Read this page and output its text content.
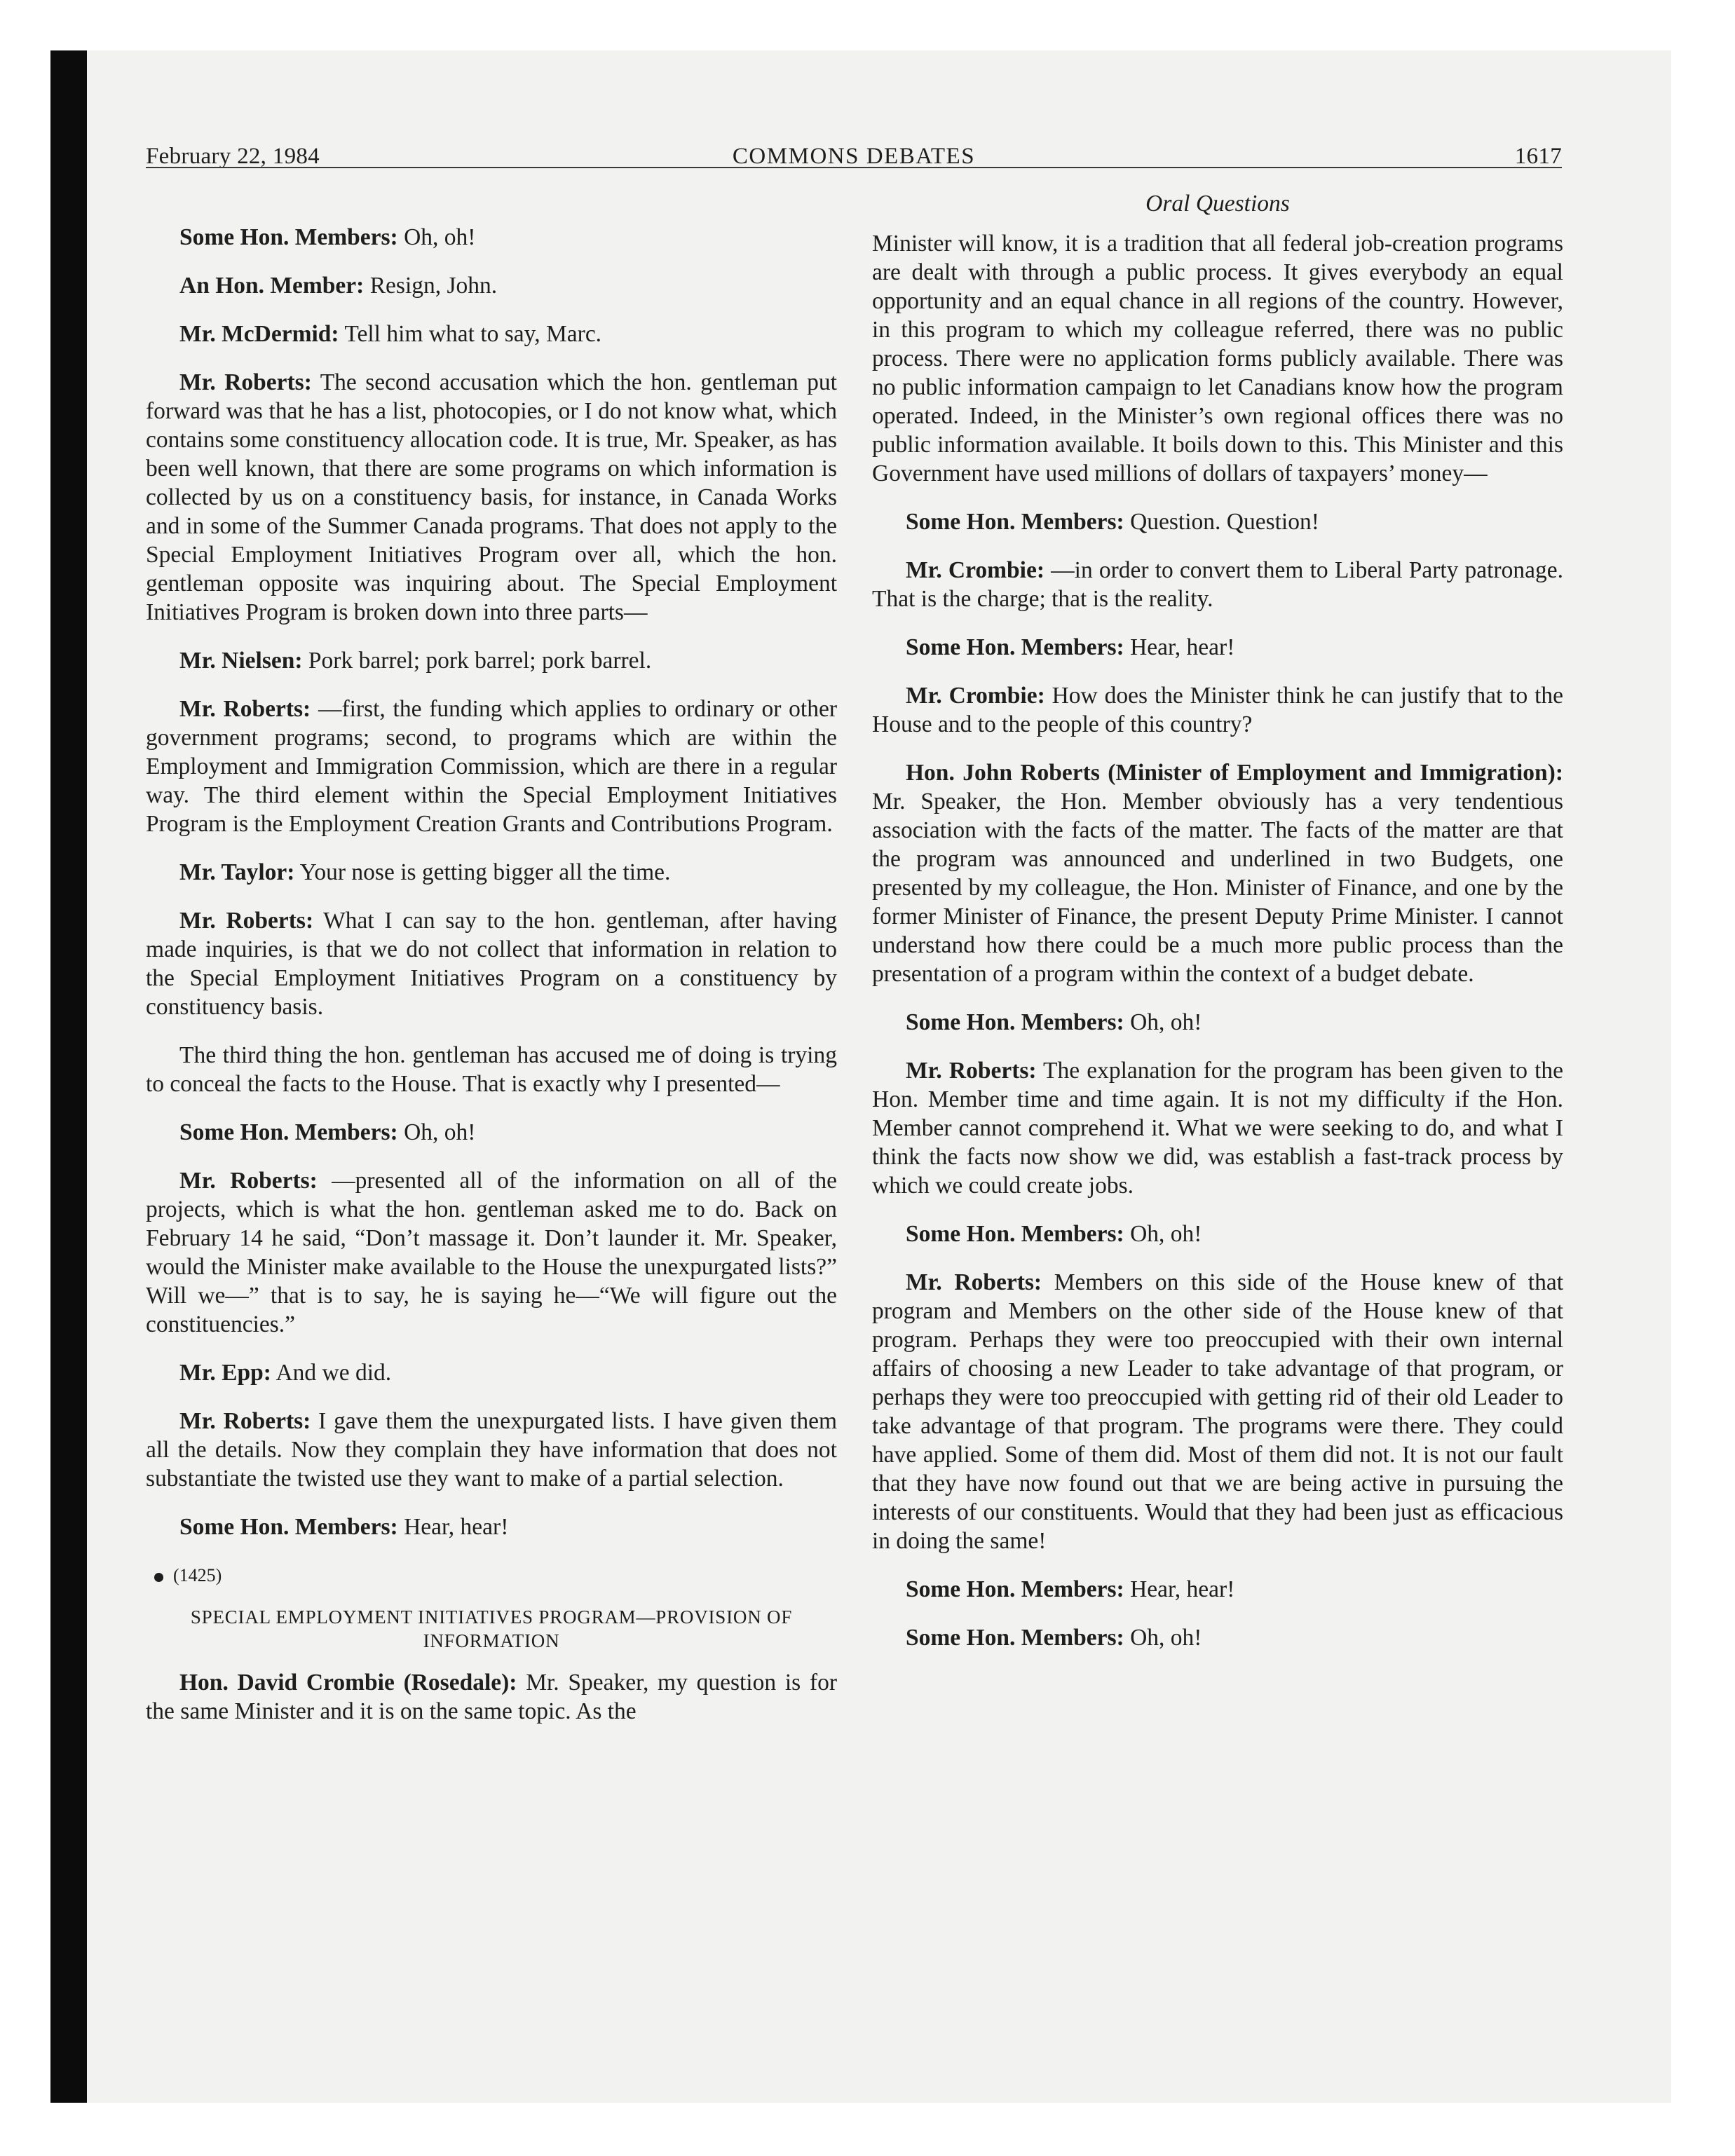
February 22, 1984	COMMONS DEBATES	1617

Some Hon. Members: Oh, oh!

An Hon. Member: Resign, John.

Mr. McDermid: Tell him what to say, Marc.

Mr. Roberts: The second accusation which the hon. gentleman put forward was that he has a list, photocopies, or I do not know what, which contains some constituency allocation code. It is true, Mr. Speaker, as has been well known, that there are some programs on which information is collected by us on a constituency basis, for instance, in Canada Works and in some of the Summer Canada programs. That does not apply to the Special Employment Initiatives Program over all, which the hon. gentleman opposite was inquiring about. The Special Employment Initiatives Program is broken down into three parts—

Mr. Nielsen: Pork barrel; pork barrel; pork barrel.

Mr. Roberts: —first, the funding which applies to ordinary or other government programs; second, to programs which are within the Employment and Immigration Commission, which are there in a regular way. The third element within the Special Employment Initiatives Program is the Employment Creation Grants and Contributions Program.

Mr. Taylor: Your nose is getting bigger all the time.

Mr. Roberts: What I can say to the hon. gentleman, after having made inquiries, is that we do not collect that information in relation to the Special Employment Initiatives Program on a constituency by constituency basis.

The third thing the hon. gentleman has accused me of doing is trying to conceal the facts to the House. That is exactly why I presented—

Some Hon. Members: Oh, oh!

Mr. Roberts: —presented all of the information on all of the projects, which is what the hon. gentleman asked me to do. Back on February 14 he said, “Don’t massage it. Don’t launder it. Mr. Speaker, would the Minister make available to the House the unexpurgated lists?” Will we—” that is to say, he is saying he—“We will figure out the constituencies.”

Mr. Epp: And we did.

Mr. Roberts: I gave them the unexpurgated lists. I have given them all the details. Now they complain they have information that does not substantiate the twisted use they want to make of a partial selection.

Some Hon. Members: Hear, hear!

(1425)
SPECIAL EMPLOYMENT INITIATIVES PROGRAM—PROVISION OF INFORMATION

Hon. David Crombie (Rosedale): Mr. Speaker, my question is for the same Minister and it is on the same topic. As the

Oral Questions

Minister will know, it is a tradition that all federal job-creation programs are dealt with through a public process. It gives everybody an equal opportunity and an equal chance in all regions of the country. However, in this program to which my colleague referred, there was no public process. There were no application forms publicly available. There was no public information campaign to let Canadians know how the program operated. Indeed, in the Minister’s own regional offices there was no public information available. It boils down to this. This Minister and this Government have used millions of dollars of taxpayers’ money—

Some Hon. Members: Question. Question!

Mr. Crombie: —in order to convert them to Liberal Party patronage. That is the charge; that is the reality.

Some Hon. Members: Hear, hear!

Mr. Crombie: How does the Minister think he can justify that to the House and to the people of this country?

Hon. John Roberts (Minister of Employment and Immigration): Mr. Speaker, the Hon. Member obviously has a very tendentious association with the facts of the matter. The facts of the matter are that the program was announced and underlined in two Budgets, one presented by my colleague, the Hon. Minister of Finance, and one by the former Minister of Finance, the present Deputy Prime Minister. I cannot understand how there could be a much more public process than the presentation of a program within the context of a budget debate.

Some Hon. Members: Oh, oh!

Mr. Roberts: The explanation for the program has been given to the Hon. Member time and time again. It is not my difficulty if the Hon. Member cannot comprehend it. What we were seeking to do, and what I think the facts now show we did, was establish a fast-track process by which we could create jobs.

Some Hon. Members: Oh, oh!

Mr. Roberts: Members on this side of the House knew of that program and Members on the other side of the House knew of that program. Perhaps they were too preoccupied with their own internal affairs of choosing a new Leader to take advantage of that program, or perhaps they were too preoccupied with getting rid of their old Leader to take advantage of that program. The programs were there. They could have applied. Some of them did. Most of them did not. It is not our fault that they have now found out that we are being active in pursuing the interests of our constituents. Would that they had been just as efficacious in doing the same!

Some Hon. Members: Hear, hear!

Some Hon. Members: Oh, oh!
